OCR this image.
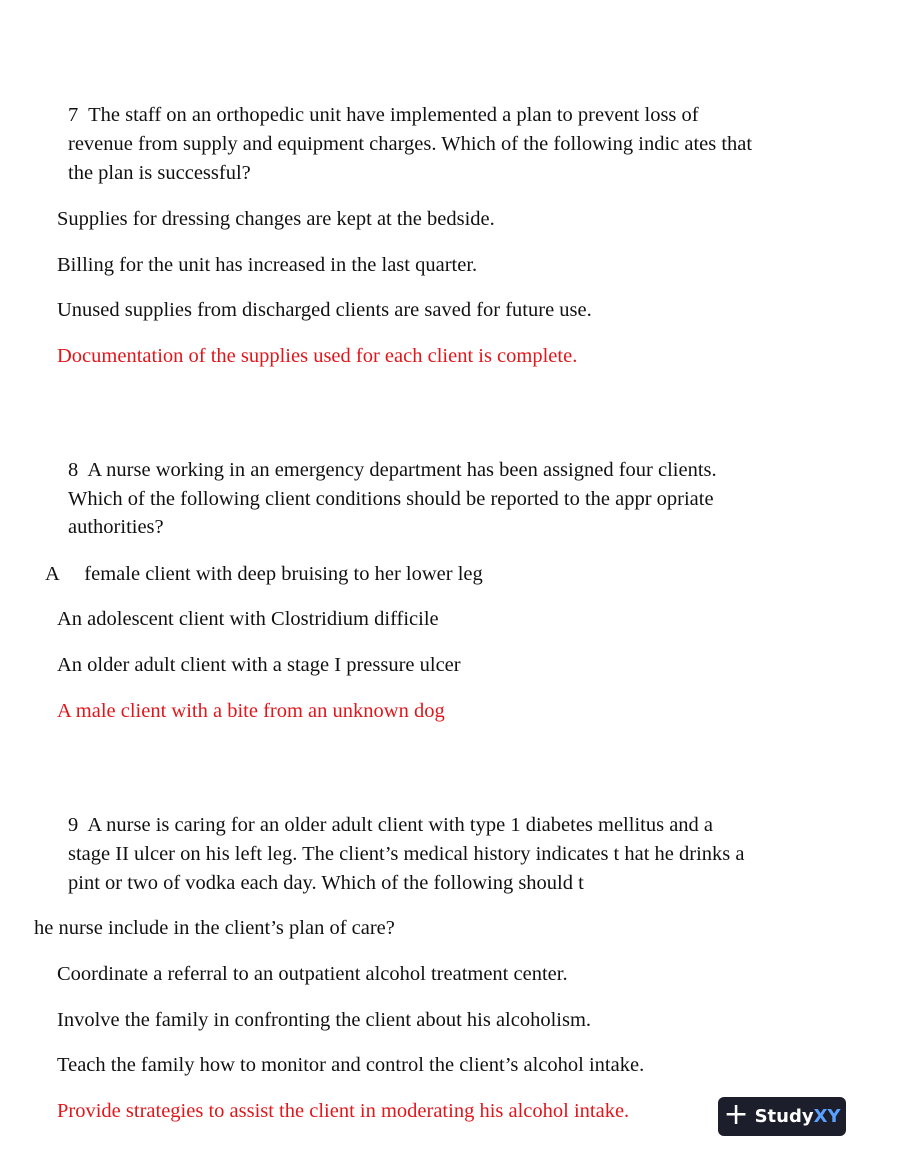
7  The staff on an orthopedic unit have implemented a plan to prevent loss of
revenue from supply and equipment charges. Which of the following indic ates that
the plan is successful?
Supplies for dressing changes are kept at the bedside.
Billing for the unit has increased in the last quarter.
Unused supplies from discharged clients are saved for future use.
Documentation of the supplies used for each client is complete.
8  A nurse working in an emergency department has been assigned four clients.
Which of the following client conditions should be reported to the appr opriate
authorities?
A     female client with deep bruising to her lower leg
An adolescent client with Clostridium difficile
An older adult client with a stage I pressure ulcer
A male client with a bite from an unknown dog
9  A nurse is caring for an older adult client with type 1 diabetes mellitus and a
stage II ulcer on his left leg. The client’s medical history indicates t hat he drinks a
pint or two of vodka each day. Which of the following should t
he nurse include in the client’s plan of care?
Coordinate a referral to an outpatient alcohol treatment center.
Involve the family in confronting the client about his alcoholism.
Teach the family how to monitor and control the client’s alcohol intake.
Provide strategies to assist the client in moderating his alcohol intake.	+ Study XY
